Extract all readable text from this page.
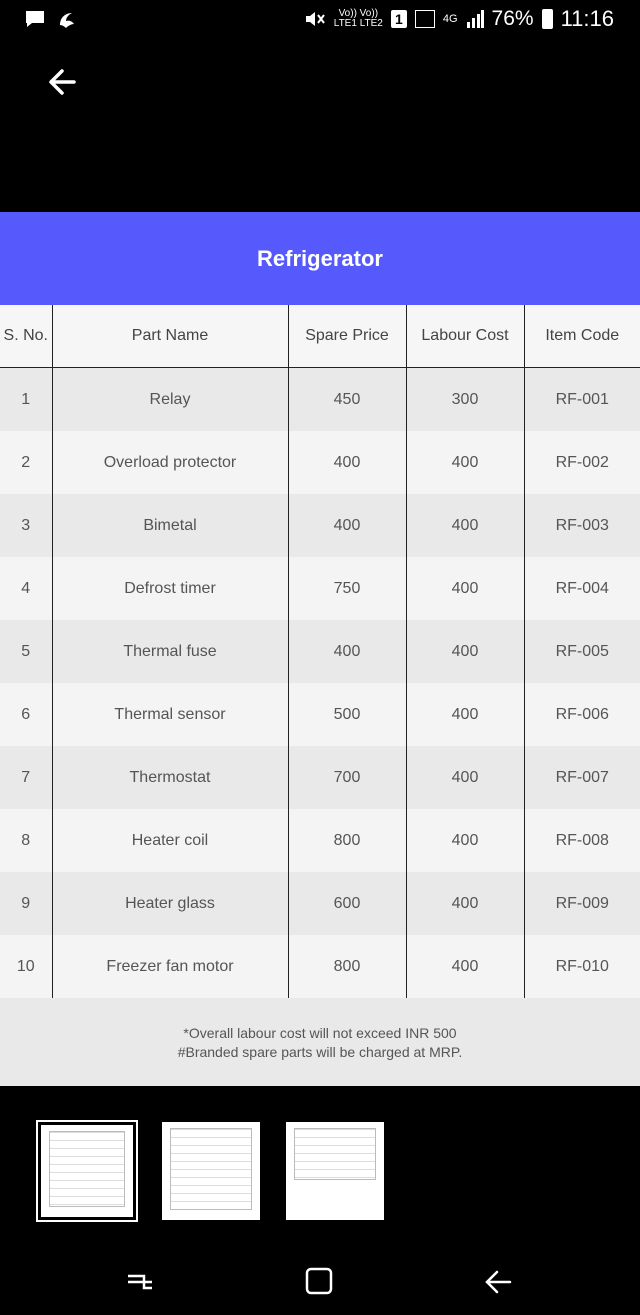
Vo)) Vo))
LTE1 LTE2 1	4G 76% 11:16
Refrigerator
S. No.	Part Name	Spare Price	Labour Cost	Item Code
1	Relay	450	300	RF-001
2	Overload protector	400	400	RF-002
3	Bimetal	400	400	RF-003
4	Defrost timer	750	400	RF-004
5	Thermal fuse	400	400	RF-005
6	Thermal sensor	500	400	RF-006
7	Thermostat	700	400	RF-007
8	Heater coil	800	400	RF-008
9	Heater glass	600	400	RF-009
10	Freezer fan motor	800	400	RF-010
*Overall labour cost will not exceed INR 500
#Branded spare parts will be charged at MRP.
